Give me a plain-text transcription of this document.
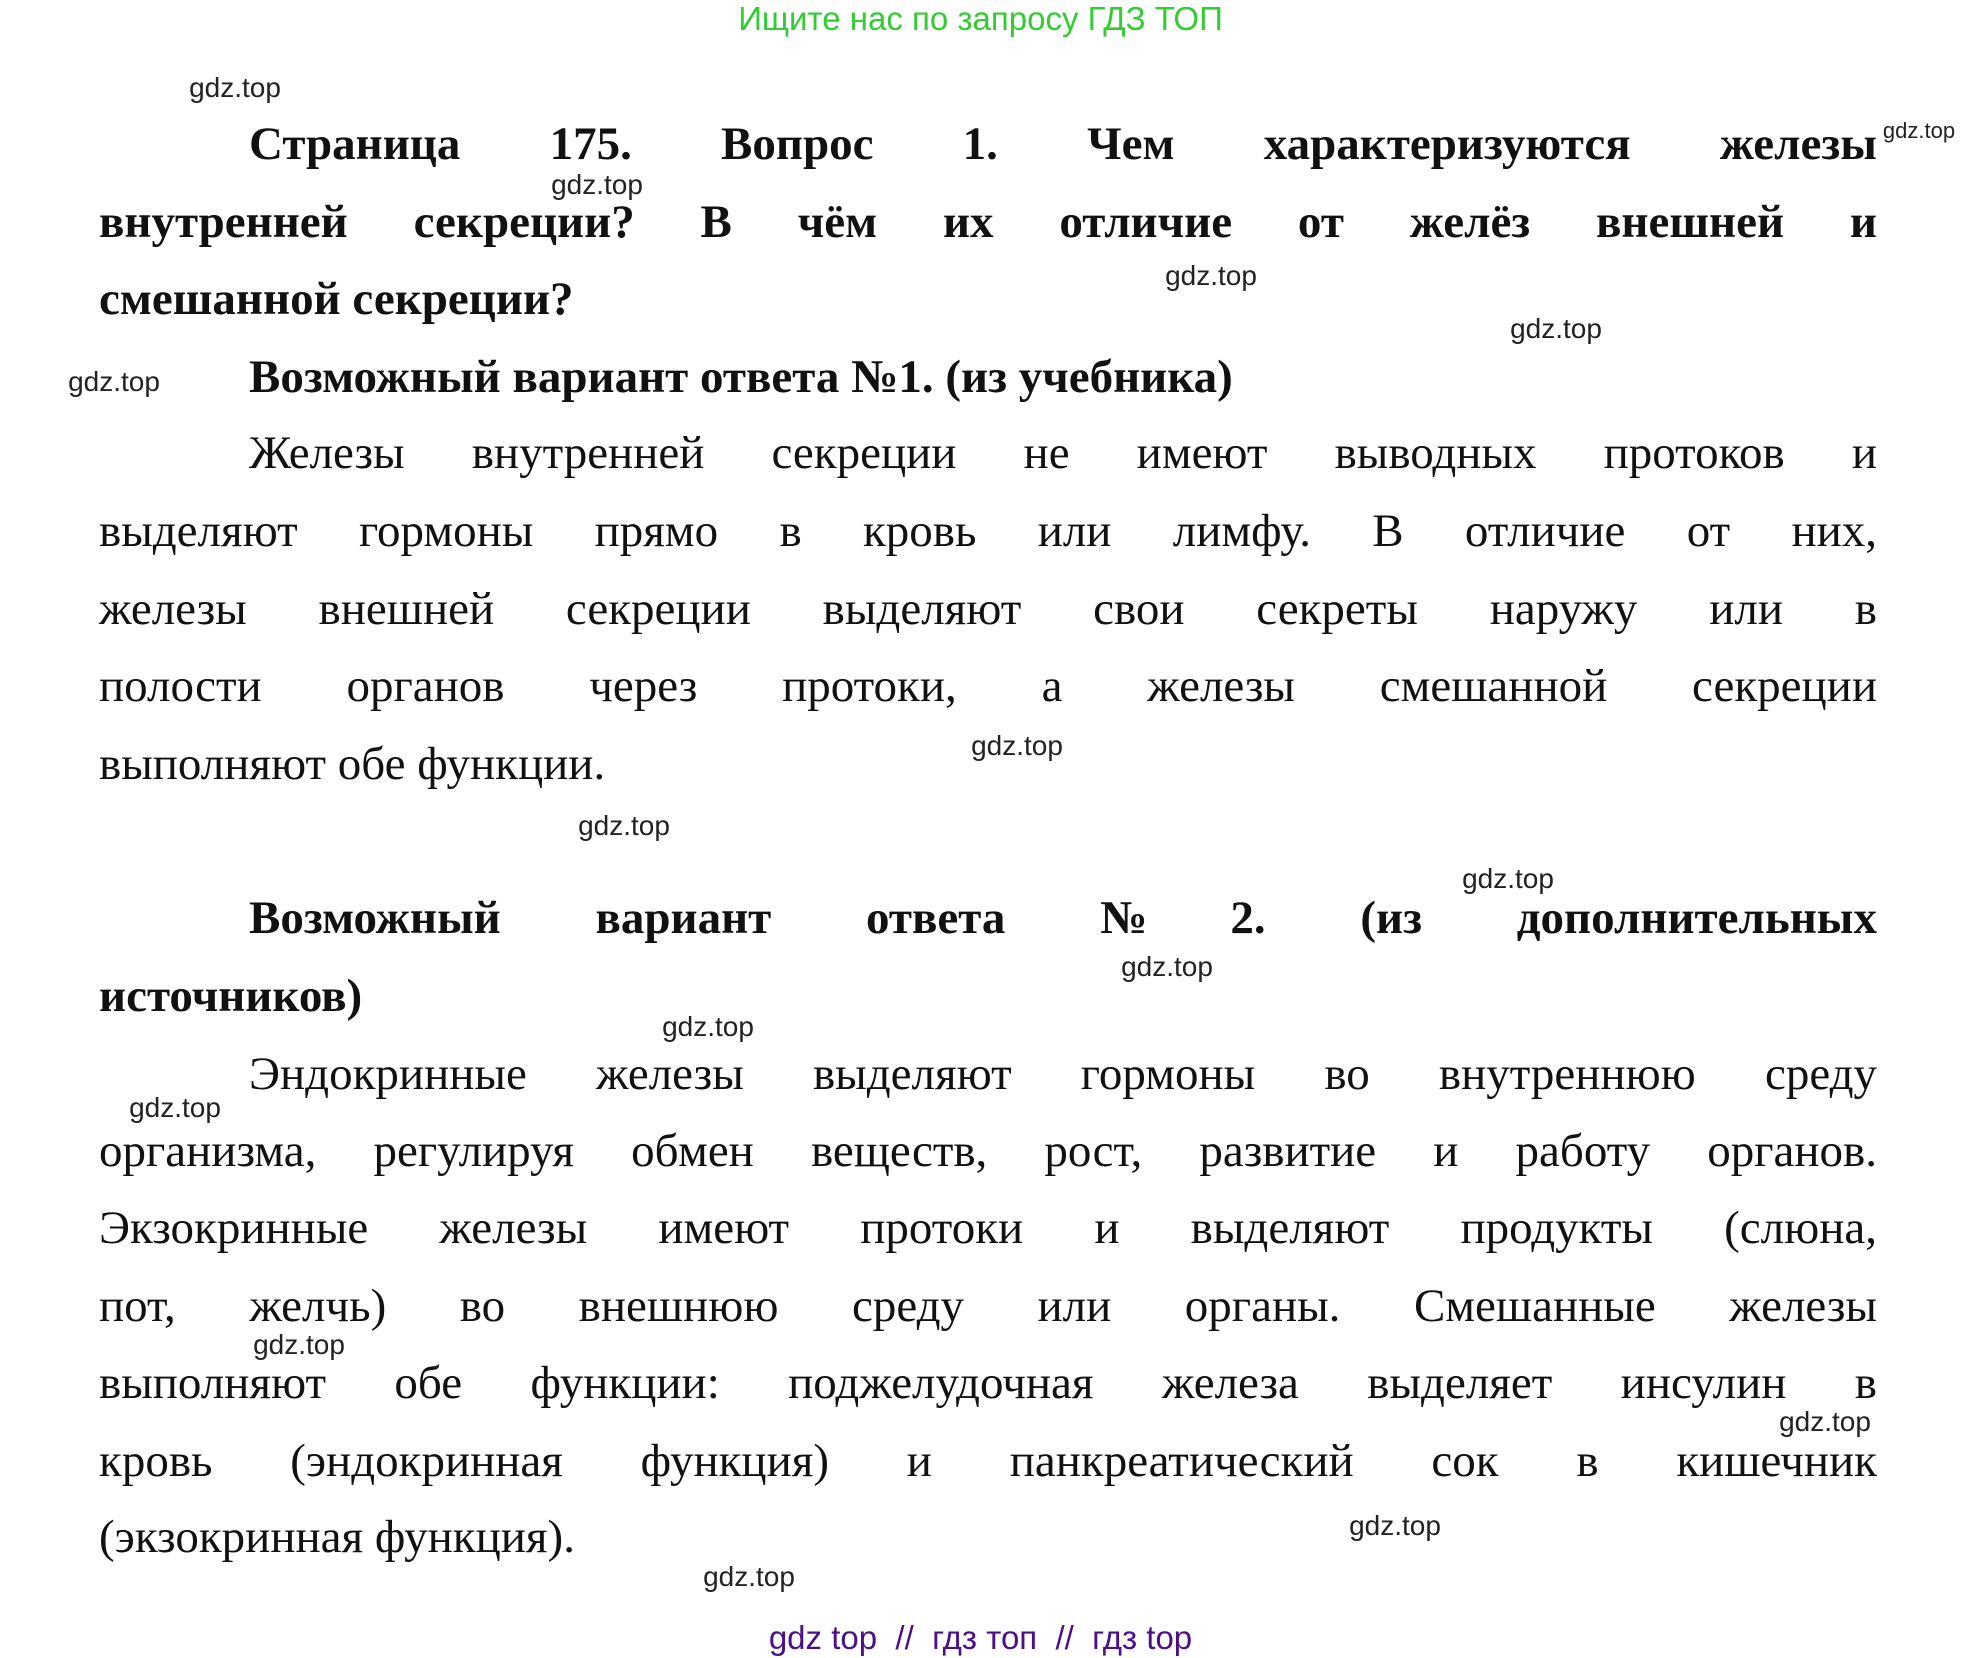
Ищите нас по запросу ГДЗ ТОП
Страница 175. Вопрос 1. Чем характеризуются железы
внутренней секреции? В чём их отличие от желёз внешней и
смешанной секреции?
Возможный вариант ответа №1. (из учебника)
Железы внутренней секреции не имеют выводных протоков и
выделяют гормоны прямо в кровь или лимфу. В отличие от них,
железы внешней секреции выделяют свои секреты наружу или в
полости органов через протоки, а железы смешанной секреции
выполняют обе функции.
Возможный вариант ответа №2. (из дополнительных
источников)
Эндокринные железы выделяют гормоны во внутреннюю среду
организма, регулируя обмен веществ, рост, развитие и работу органов.
Экзокринные железы имеют протоки и выделяют продукты (слюна,
пот, желчь) во внешнюю среду или органы. Смешанные железы
выполняют обе функции: поджелудочная железа выделяет инсулин в
кровь (эндокринная функция) и панкреатический сок в кишечник
(экзокринная функция).
gdz.top
gdz.top
gdz.top
gdz.top
gdz.top
gdz.top
gdz.top
gdz.top
gdz.top
gdz.top
gdz.top
gdz.top
gdz.top
gdz.top
gdz.top
gdz.top
gdz top  //  гдз топ  //  гдз top
